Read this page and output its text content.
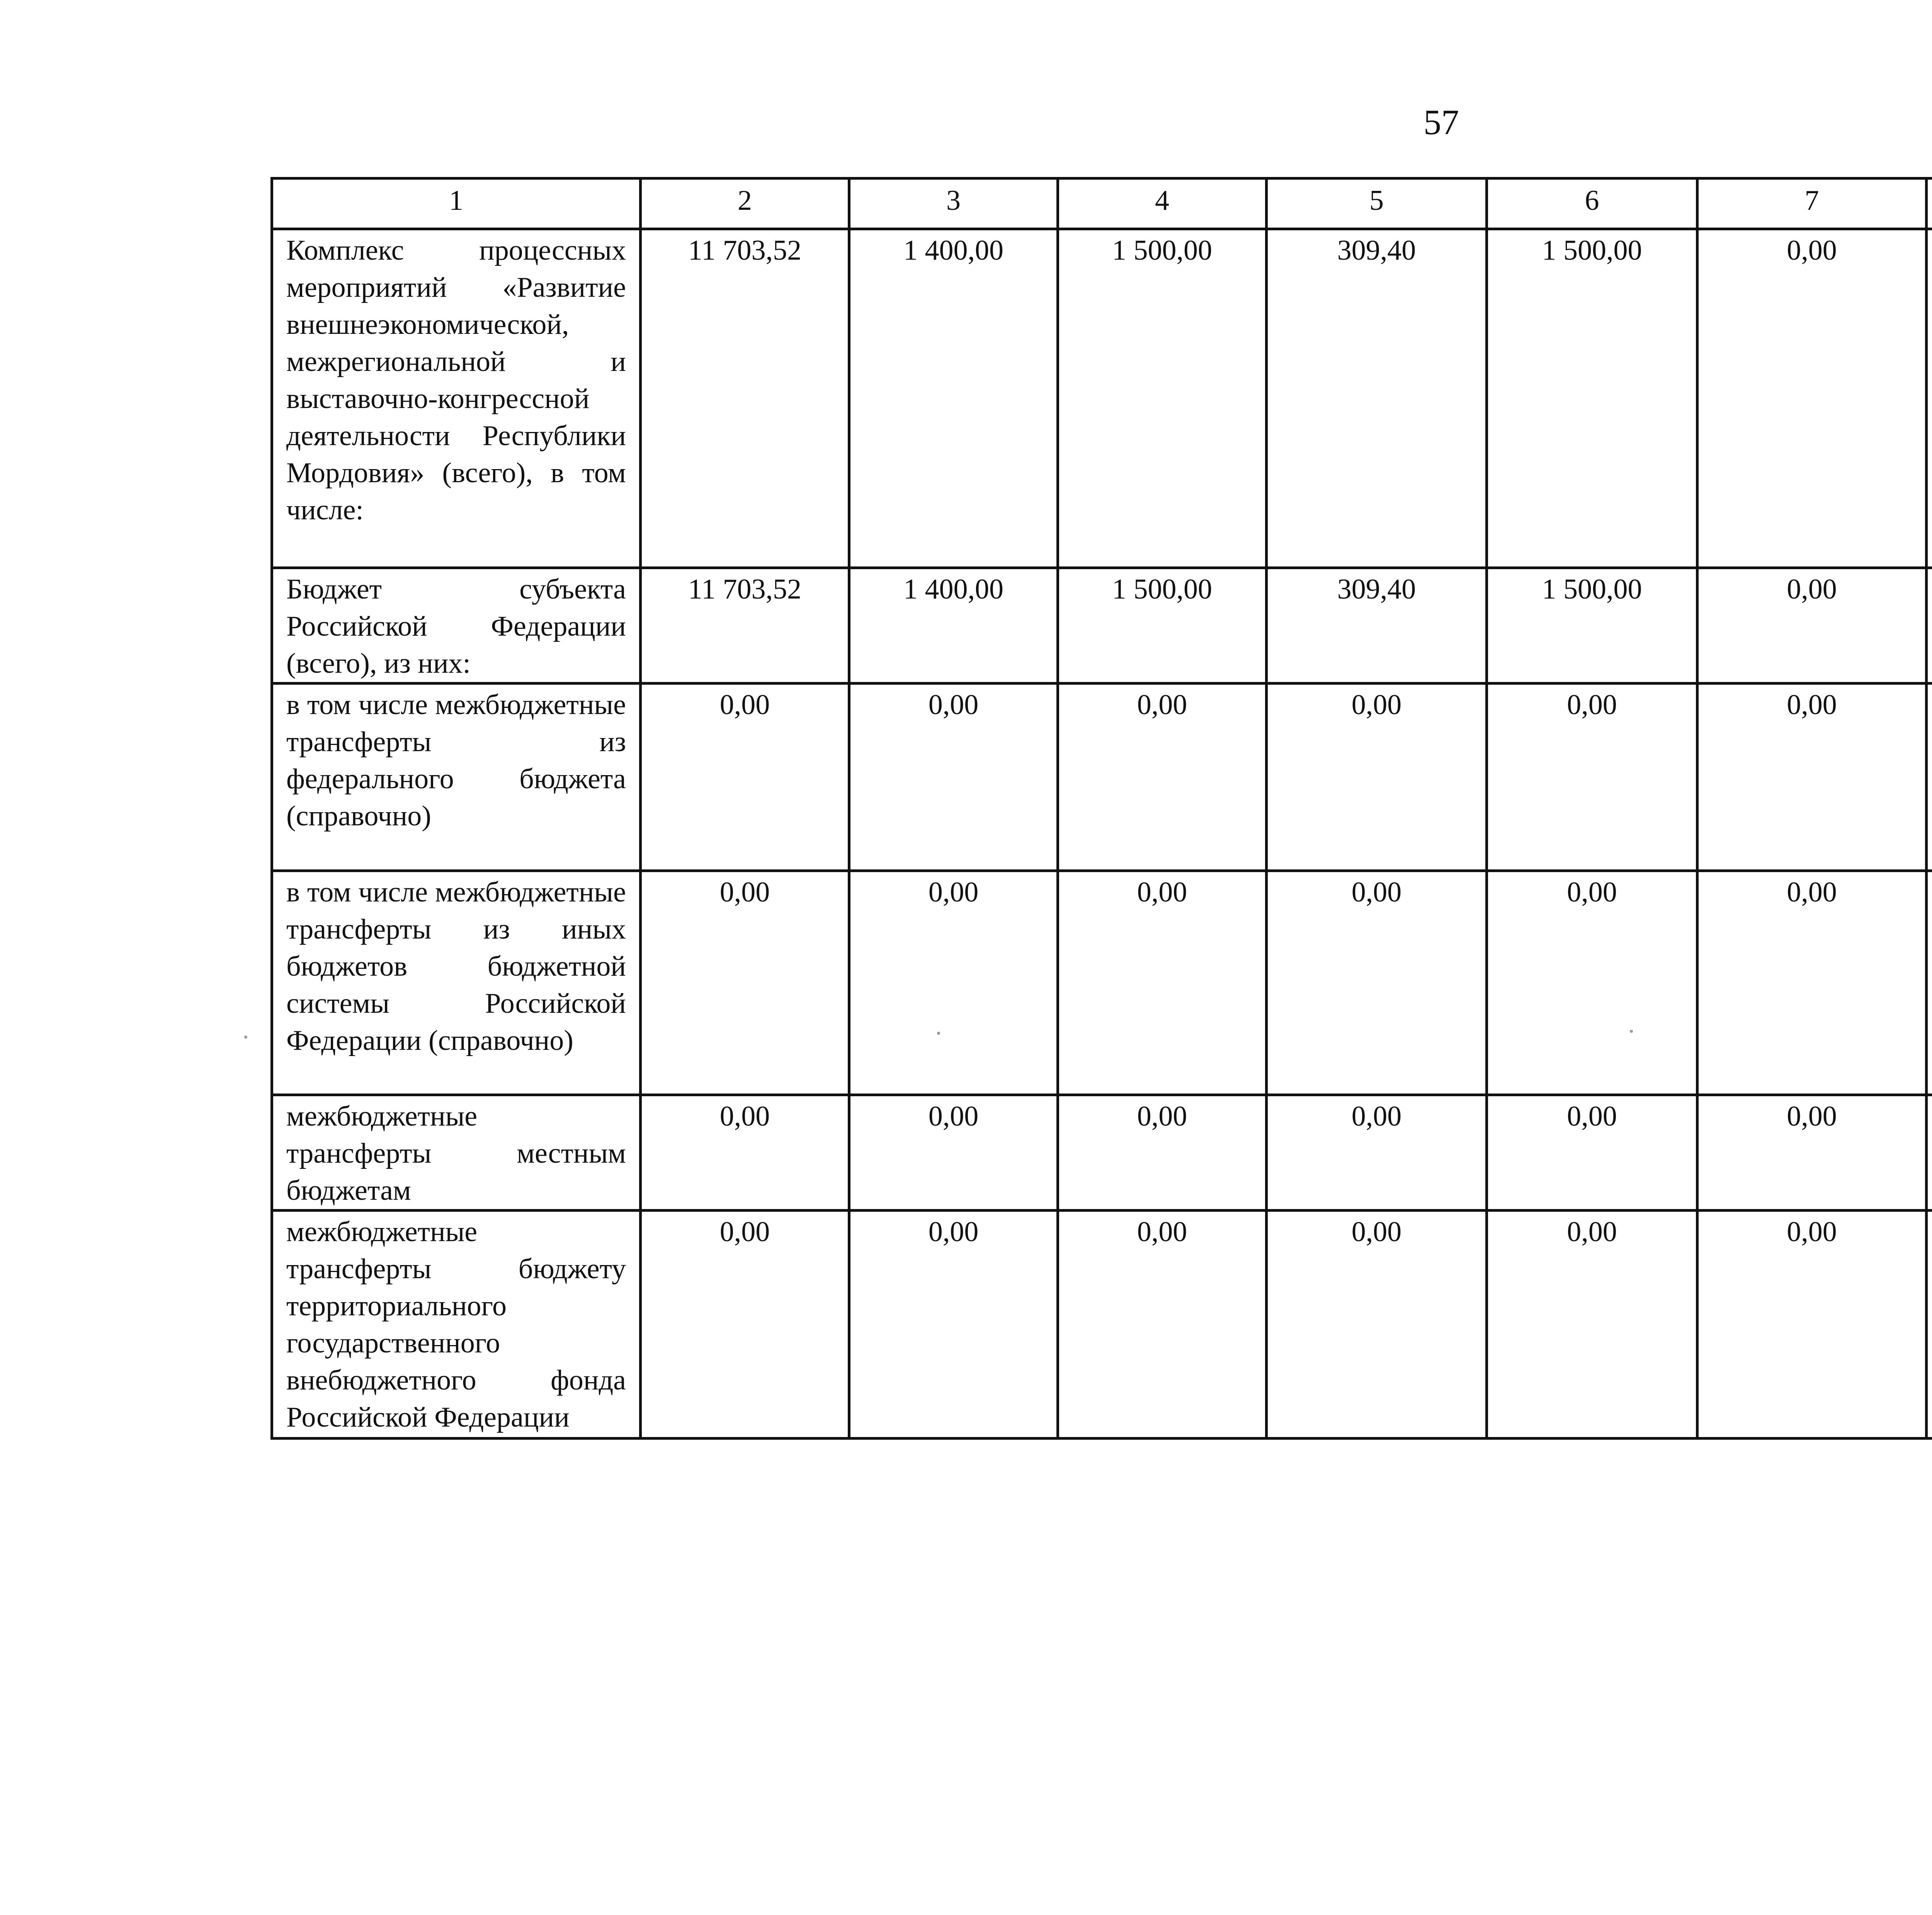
57
1	2	3	4	5	6	7		
Комплекс процессных мероприятий «Развитие внешнеэкономической, межрегиональной и выставочно-конгрессной деятельности Республики Мордовия» (всего), в том числе:	11 703,52	1 400,00	1 500,00	309,40	1 500,00	0,00		
Бюджет субъекта Российской Федерации (всего), из них:	11 703,52	1 400,00	1 500,00	309,40	1 500,00	0,00		
в том числе межбюджетные трансферты из федерального бюджета (справочно)	0,00	0,00	0,00	0,00	0,00	0,00		
в том числе межбюджетные трансферты из иных бюджетов бюджетной системы Российской Федерации (справочно)	0,00	0,00	0,00	0,00	0,00	0,00		
межбюджетные трансферты местным бюджетам	0,00	0,00	0,00	0,00	0,00	0,00		
межбюджетные трансферты бюджету территориального государственного внебюджетного фонда Российской Федерации	0,00	0,00	0,00	0,00	0,00	0,00		
